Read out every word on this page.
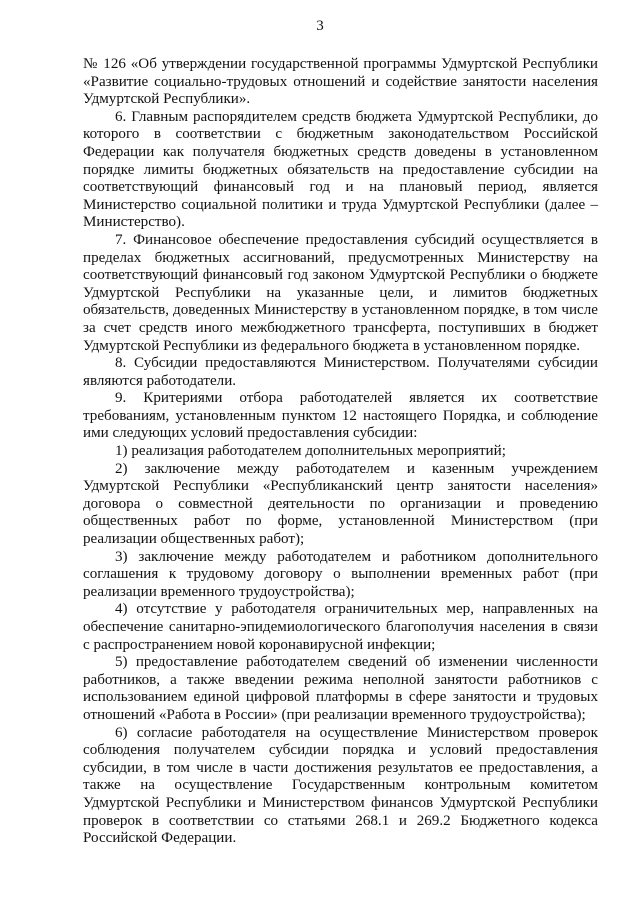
3

№ 126 «Об утверждении государственной программы Удмуртской Республики «Развитие социально-трудовых отношений и содействие занятости населения Удмуртской Республики».

6. Главным распорядителем средств бюджета Удмуртской Республики, до которого в соответствии с бюджетным законодательством Российской Федерации как получателя бюджетных средств доведены в установленном порядке лимиты бюджетных обязательств на предоставление субсидии на соответствующий финансовый год и на плановый период, является Министерство социальной политики и труда Удмуртской Республики (далее – Министерство).

7. Финансовое обеспечение предоставления субсидий осуществляется в пределах бюджетных ассигнований, предусмотренных Министерству на соответствующий финансовый год законом Удмуртской Республики о бюджете Удмуртской Республики на указанные цели, и лимитов бюджетных обязательств, доведенных Министерству в установленном порядке, в том числе за счет средств иного межбюджетного трансферта, поступивших в бюджет Удмуртской Республики из федерального бюджета в установленном порядке.

8. Субсидии предоставляются Министерством. Получателями субсидии являются работодатели.

9. Критериями отбора работодателей является их соответствие требованиям, установленным пунктом 12 настоящего Порядка, и соблюдение ими следующих условий предоставления субсидии:

1) реализация работодателем дополнительных мероприятий;

2) заключение между работодателем и казенным учреждением Удмуртской Республики «Республиканский центр занятости населения» договора о совместной деятельности по организации и проведению общественных работ по форме, установленной Министерством (при реализации общественных работ);

3) заключение между работодателем и работником дополнительного соглашения к трудовому договору о выполнении временных работ (при реализации временного трудоустройства);

4) отсутствие у работодателя ограничительных мер, направленных на обеспечение санитарно-эпидемиологического благополучия населения в связи с распространением новой коронавирусной инфекции;

5) предоставление работодателем сведений об изменении численности работников, а также введении режима неполной занятости работников с использованием единой цифровой платформы в сфере занятости и трудовых отношений «Работа в России» (при реализации временного трудоустройства);

6) согласие работодателя на осуществление Министерством проверок соблюдения получателем субсидии порядка и условий предоставления субсидии, в том числе в части достижения результатов ее предоставления, а также на осуществление Государственным контрольным комитетом Удмуртской Республики и Министерством финансов Удмуртской Республики проверок в соответствии со статьями 268.1 и 269.2 Бюджетного кодекса Российской Федерации.
